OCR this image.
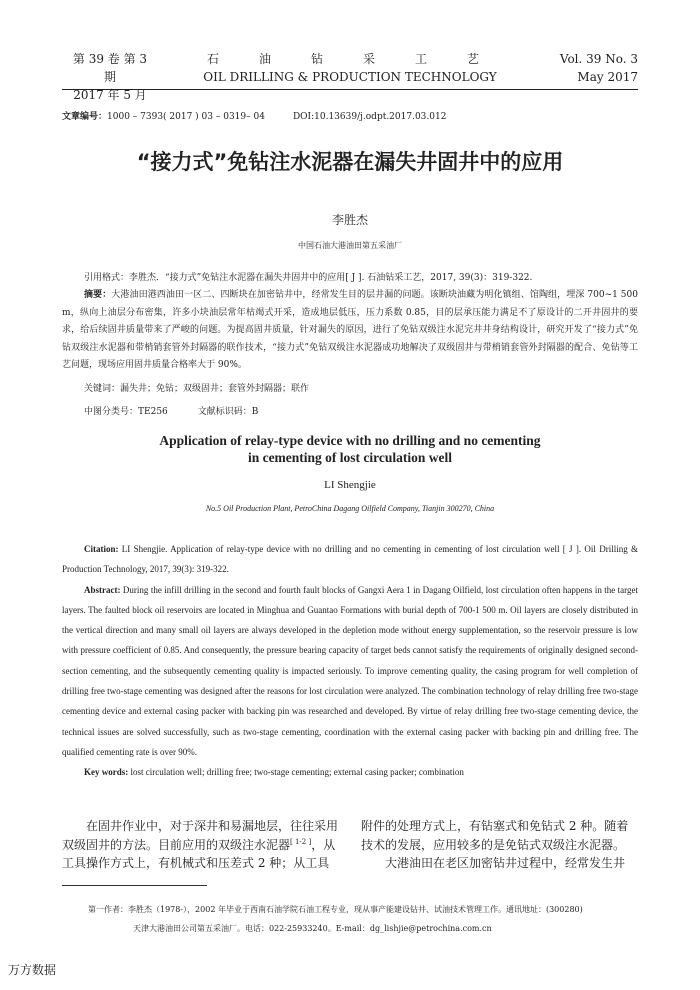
第 39 卷 第 3 期
2017 年 5 月
石　油　钻　采　工　艺
OIL DRILLING & PRODUCTION TECHNOLOGY
Vol. 39 No. 3
May 2017
文章编号：1000 – 7393( 2017 ) 03 – 0319– 04	DOI:10.13639/j.odpt.2017.03.012
“接力式”免钻注水泥器在漏失井固井中的应用
李胜杰
中国石油大港油田第五采油厂
引用格式：李胜杰．“接力式”免钻注水泥器在漏失井固井中的应用[ J ]. 石油钻采工艺，2017, 39(3)：319-322.
摘要：大港油田港西油田一区二、四断块在加密钻井中，经常发生目的层井漏的问题。该断块油藏为明化镇组、馆陶组，埋深 700~1 500 m，纵向上油层分布密集，许多小块油层常年枯竭式开采，造成地层低压，压力系数 0.85，目的层承压能力满足不了原设计的二开井固井的要求，给后续固井质量带来了严峻的问题。为提高固井质量，针对漏失的原因，进行了免钻双级注水泥完井井身结构设计，研究开发了“接力式”免钻双级注水泥器和带梢销套管外封隔器的联作技术，“接力式”免钻双级注水泥器成功地解决了双级固井与带梢销套管外封隔器的配合、免钻等工艺问题，现场应用固井质量合格率大于 90%。
关键词：漏失井；免钻；双级固井；套管外封隔器；联作
中图分类号：TE256	文献标识码：B
Application of relay-type device with no drilling and no cementing
in cementing of lost circulation well
LI Shengjie
No.5 Oil Production Plant, PetroChina Dagang Oilfield Company, Tianjin 300270, China
Citation: LI Shengjie. Application of relay-type device with no drilling and no cementing in cementing of lost circulation well [ J ]. Oil Drilling & Production Technology, 2017, 39(3): 319-322.
Abstract: During the infill drilling in the second and fourth fault blocks of Gangxi Aera 1 in Dagang Oilfield, lost circulation often happens in the target layers. The faulted block oil reservoirs are located in Minghua and Guantao Formations with burial depth of 700-1 500 m. Oil layers are closely distributed in the vertical direction and many small oil layers are always developed in the depletion mode without energy supplementation, so the reservoir pressure is low with pressure coefficient of 0.85. And consequently, the pressure bearing capacity of target beds cannot satisfy the requirements of originally designed second-section cementing, and the subsequently cementing quality is impacted seriously. To improve cementing quality, the casing program for well completion of drilling free two-stage cementing was designed after the reasons for lost circulation were analyzed. The combination technology of relay drilling free two-stage cementing device and external casing packer with backing pin was researched and developed. By virtue of relay drilling free two-stage cementing device, the technical issues are solved successfully, such as two-stage cementing, coordination with the external casing packer with backing pin and drilling free. The qualified cementing rate is over 90%.
Key words: lost circulation well; drilling free; two-stage cementing; external casing packer; combination
在固井作业中，对于深井和易漏地层，往往采用
双级固井的方法。目前应用的双级注水泥器[ 1-2 ]，从
工具操作方式上，有机械式和压差式 2 种；从工具
附件的处理方式上，有钻塞式和免钻式 2 种。随着
技术的发展，应用较多的是免钻式双级注水泥器。
大港油田在老区加密钻井过程中，经常发生井
第一作者：李胜杰（1978-），2002 年毕业于西南石油学院石油工程专业，现从事产能建设钻井、试油技术管理工作。通讯地址：(300280)
天津大港油田公司第五采油厂。电话：022-25933240。E-mail：dg_lishjie@petrochina.com.cn
万方数据
